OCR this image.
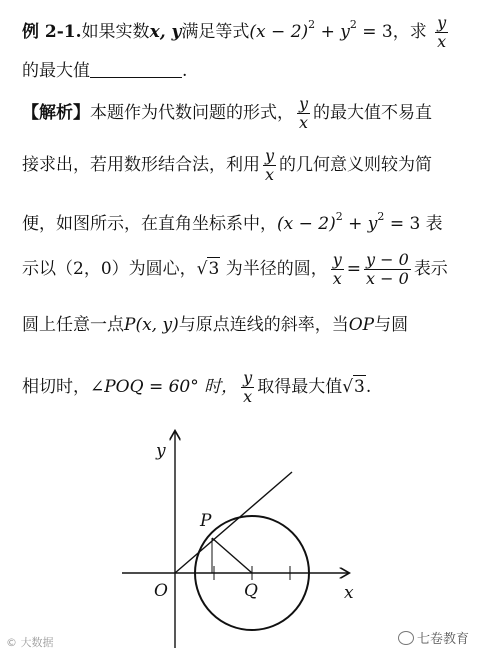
例 2-1.如果实数x, y满足等式$(x - 2)^2 + y^2 = 3$，求 $\frac{y}{x}$
的最大值	.
【解析】本题作为代数问题的形式， $\frac{y}{x}$ 的最大值不易直
接求出，若用数形结合法，利用 $\frac{y}{x}$ 的几何意义则较为简
便，如图所示，在直角坐标系中，$(x - 2)^2 + y^2 = 3$ 表
示以（2，0）为圆心，√3 为半径的圆， $\frac{y}{x} = \frac{y - 0}{x - 0}$ 表示
圆上任意一点P(x, y)与原点连线的斜率，当OP与圆
相切时，∠POQ = 60° 时， $\frac{y}{x}$ 取得最大值√3.
y
x
O
P
Q
© 大数据	七卷教育
